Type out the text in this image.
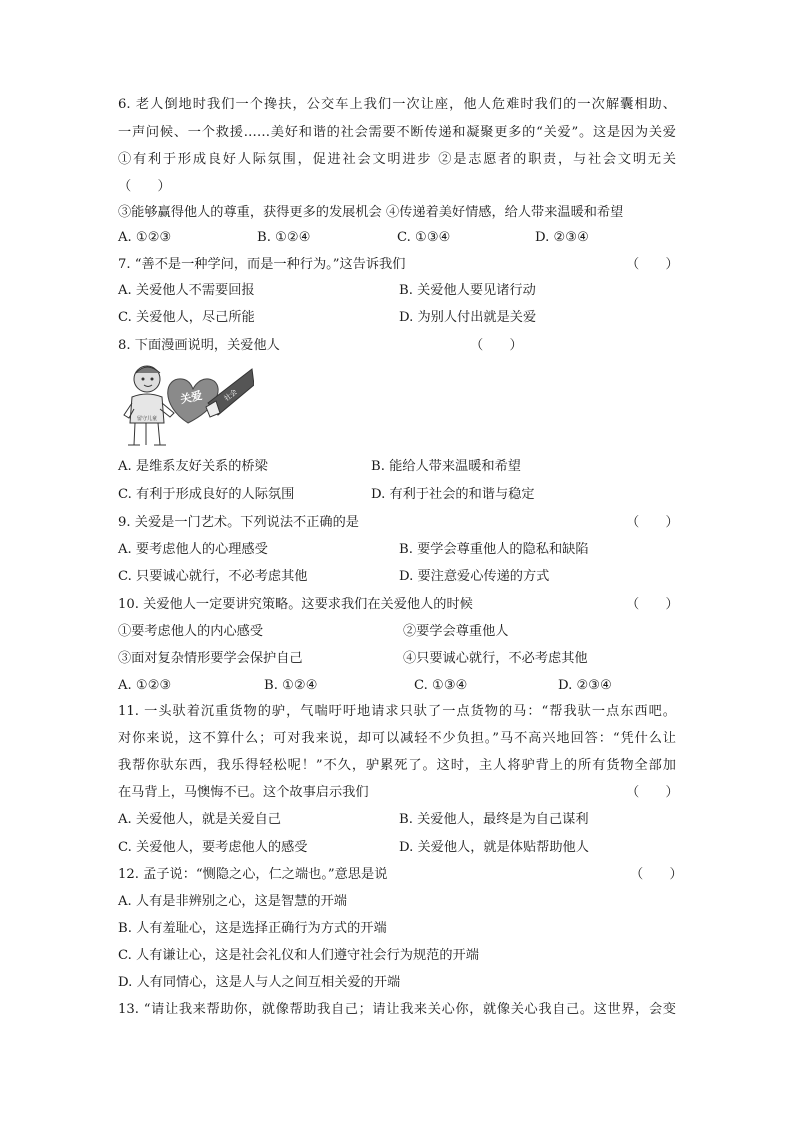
6. 老人倒地时我们一个搀扶，公交车上我们一次让座，他人危难时我们的一次解囊相助、
一声问候、一个救援……美好和谐的社会需要不断传递和凝聚更多的“关爱”。这是因为关爱
①有利于形成良好人际氛围，促进社会文明进步 ②是志愿者的职责，与社会文明无关
（　　）
③能够赢得他人的尊重，获得更多的发展机会 ④传递着美好情感，给人带来温暖和希望
A. ①②③	B. ①②④	C. ①③④	D. ②③④
7. “善不是一种学问，而是一种行为。”这告诉我们	（　　）
A. 关爱他人不需要回报	B. 关爱他人要见诸行动
C. 关爱他人，尽己所能	D. 为别人付出就是关爱
8. 下面漫画说明，关爱他人	（　　）
留守儿童
关爱	社会
A. 是维系友好关系的桥梁	B. 能给人带来温暖和希望
C. 有利于形成良好的人际氛围	D. 有利于社会的和谐与稳定
9. 关爱是一门艺术。下列说法不正确的是	（　　）
A. 要考虑他人的心理感受	B. 要学会尊重他人的隐私和缺陷
C. 只要诚心就行，不必考虑其他	D. 要注意爱心传递的方式
10. 关爱他人一定要讲究策略。这要求我们在关爱他人的时候	（　　）
①要考虑他人的内心感受	②要学会尊重他人
③面对复杂情形要学会保护自己	④只要诚心就行，不必考虑其他
A. ①②③	B. ①②④	C. ①③④	D. ②③④
11. 一头驮着沉重货物的驴，气喘吁吁地请求只驮了一点货物的马：“帮我驮一点东西吧。
对你来说，这不算什么；可对我来说，却可以减轻不少负担。”马不高兴地回答：“凭什么让
我帮你驮东西，我乐得轻松呢！”不久，驴累死了。这时，主人将驴背上的所有货物全部加
在马背上，马懊悔不已。这个故事启示我们	（　　）
A. 关爱他人，就是关爱自己	B. 关爱他人，最终是为自己谋利
C. 关爱他人，要考虑他人的感受	D. 关爱他人，就是体贴帮助他人
12. 孟子说：“恻隐之心，仁之端也。”意思是说	（　　）
A. 人有是非辨别之心，这是智慧的开端
B. 人有羞耻心，这是选择正确行为方式的开端
C. 人有谦让心，这是社会礼仪和人们遵守社会行为规范的开端
D. 人有同情心，这是人与人之间互相关爱的开端
13. “请让我来帮助你，就像帮助我自己；请让我来关心你，就像关心我自己。这世界，会变
